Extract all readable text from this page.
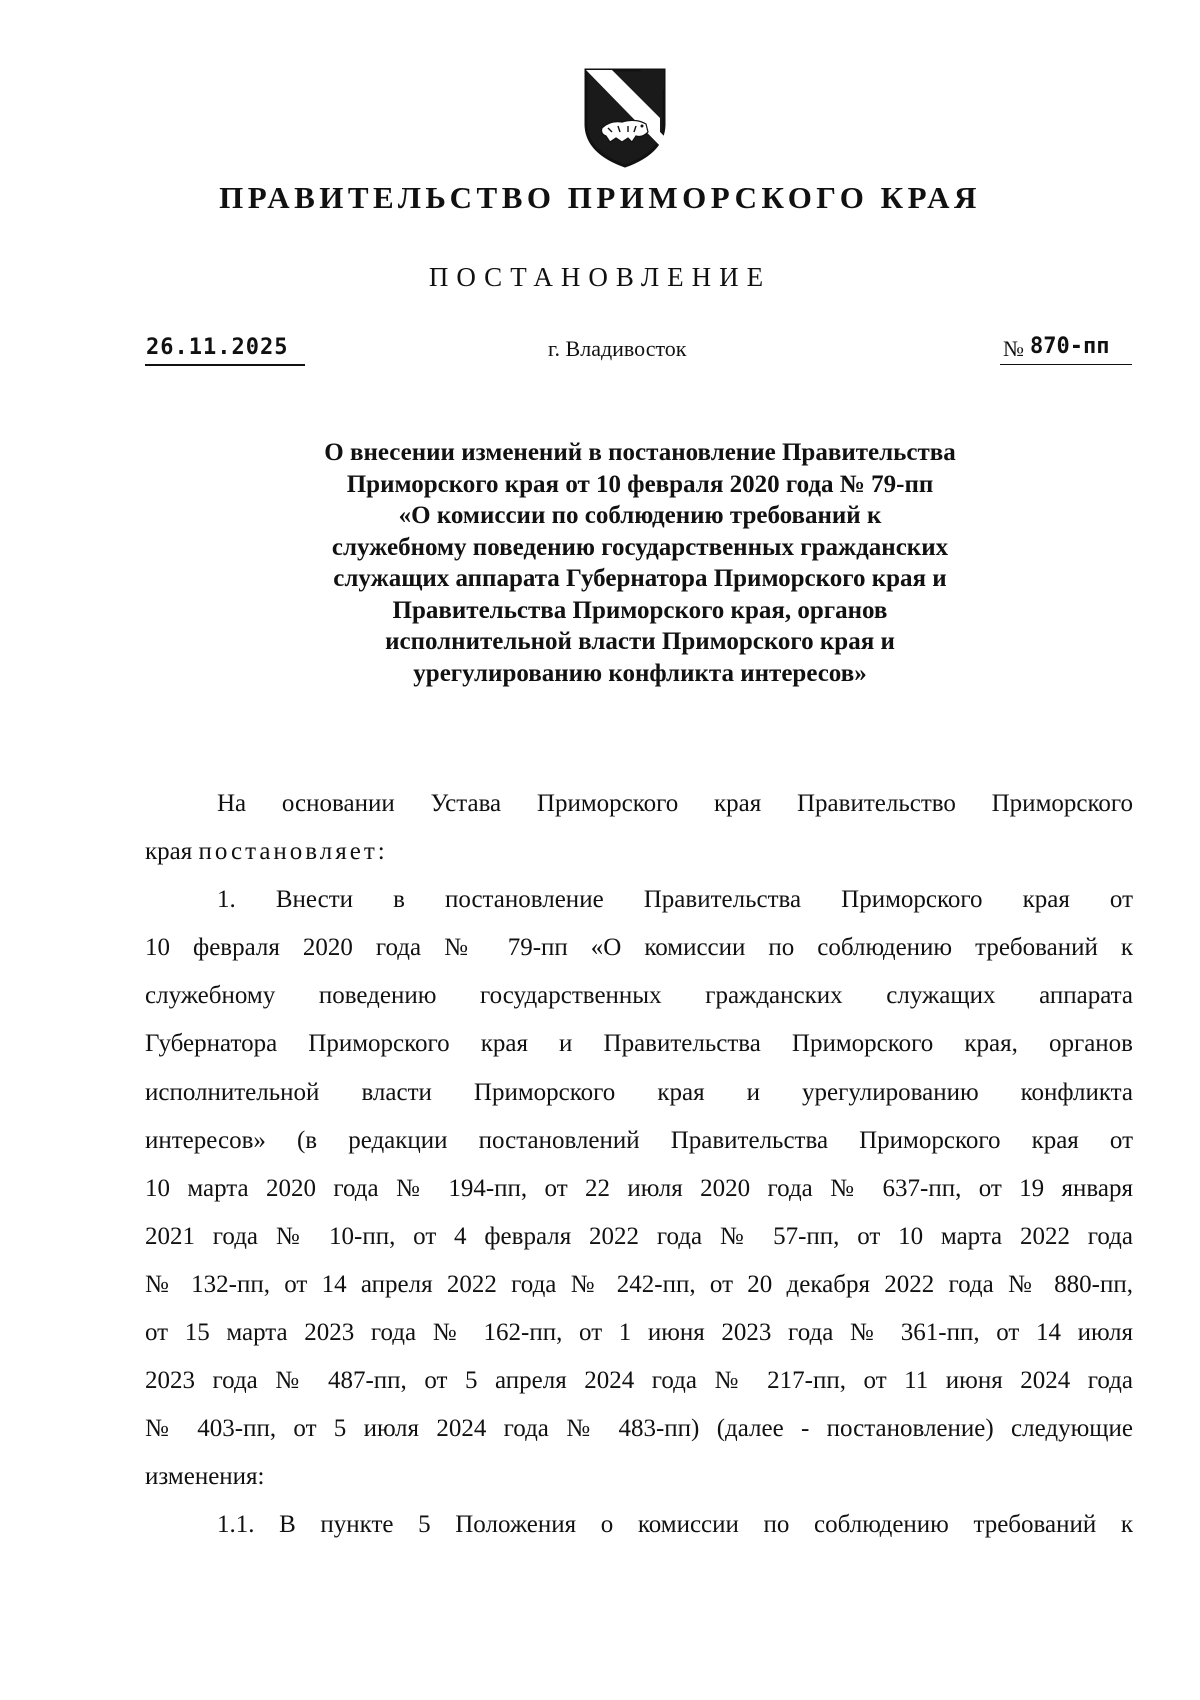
ПРАВИТЕЛЬСТВО ПРИМОРСКОГО КРАЯ
ПОСТАНОВЛЕНИЕ
26.11.2025	г. Владивосток	№ 870-пп
О внесении изменений в постановление Правительства
Приморского края от 10 февраля 2020 года № 79-пп
«О комиссии по соблюдению требований к
служебному поведению государственных гражданских
служащих аппарата Губернатора Приморского края и
Правительства Приморского края, органов
исполнительной власти Приморского края и
урегулированию конфликта интересов»
На основании Устава Приморского края Правительство Приморского
края постановляет:
1. Внести в постановление Правительства Приморского края от
10 февраля 2020 года № 79-пп «О комиссии по соблюдению требований к
служебному поведению государственных гражданских служащих аппарата
Губернатора Приморского края и Правительства Приморского края, органов
исполнительной власти Приморского края и урегулированию конфликта
интересов» (в редакции постановлений Правительства Приморского края от
10 марта 2020 года № 194-пп, от 22 июля 2020 года № 637-пп, от 19 января
2021 года № 10-пп, от 4 февраля 2022 года № 57-пп, от 10 марта 2022 года
№ 132-пп, от 14 апреля 2022 года № 242-пп, от 20 декабря 2022 года № 880-пп,
от 15 марта 2023 года № 162-пп, от 1 июня 2023 года № 361-пп, от 14 июля
2023 года № 487-пп, от 5 апреля 2024 года № 217-пп, от 11 июня 2024 года
№ 403-пп, от 5 июля 2024 года № 483-пп) (далее - постановление) следующие
изменения:
1.1. В пункте 5 Положения о комиссии по соблюдению требований к
